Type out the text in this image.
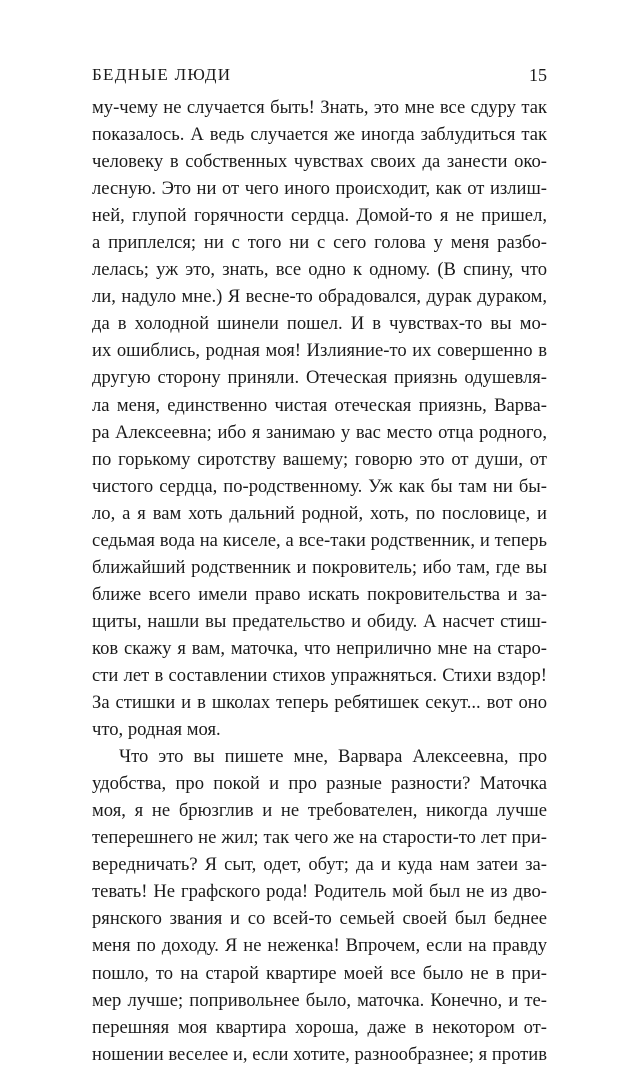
БЕДНЫЕ ЛЮДИ	15
му-чему не случается быть! Знать, это мне все сдуру так
показалось. А ведь случается же иногда заблудиться так
человеку в собственных чувствах своих да занести око-
лесную. Это ни от чего иного происходит, как от излиш-
ней, глупой горячности сердца. Домой-то я не пришел,
а приплелся; ни с того ни с сего голова у меня разбо-
лелась; уж это, знать, все одно к одному. (В спину, что
ли, надуло мне.) Я весне-то обрадовался, дурак дураком,
да в холодной шинели пошел. И в чувствах-то вы мо-
их ошиблись, родная моя! Излияние-то их совершенно в
другую сторону приняли. Отеческая приязнь одушевля-
ла меня, единственно чистая отеческая приязнь, Варва-
ра Алексеевна; ибо я занимаю у вас место отца родного,
по горькому сиротству вашему; говорю это от души, от
чистого сердца, по-родственному. Уж как бы там ни бы-
ло, а я вам хоть дальний родной, хоть, по пословице, и
седьмая вода на киселе, а все-таки родственник, и теперь
ближайший родственник и покровитель; ибо там, где вы
ближе всего имели право искать покровительства и за-
щиты, нашли вы предательство и обиду. А насчет стиш-
ков скажу я вам, маточка, что неприлично мне на старо-
сти лет в составлении стихов упражняться. Стихи вздор!
За стишки и в школах теперь ребятишек секут... вот оно
что, родная моя.
Что это вы пишете мне, Варвара Алексеевна, про
удобства, про покой и про разные разности? Маточка
моя, я не брюзглив и не требователен, никогда лучше
теперешнего не жил; так чего же на старости-то лет при-
вередничать? Я сыт, одет, обут; да и куда нам затеи за-
тевать! Не графского рода! Родитель мой был не из дво-
рянского звания и со всей-то семьей своей был беднее
меня по доходу. Я не неженка! Впрочем, если на правду
пошло, то на старой квартире моей все было не в при-
мер лучше; попривольнее было, маточка. Конечно, и те-
перешняя моя квартира хороша, даже в некотором от-
ношении веселее и, если хотите, разнообразнее; я против
